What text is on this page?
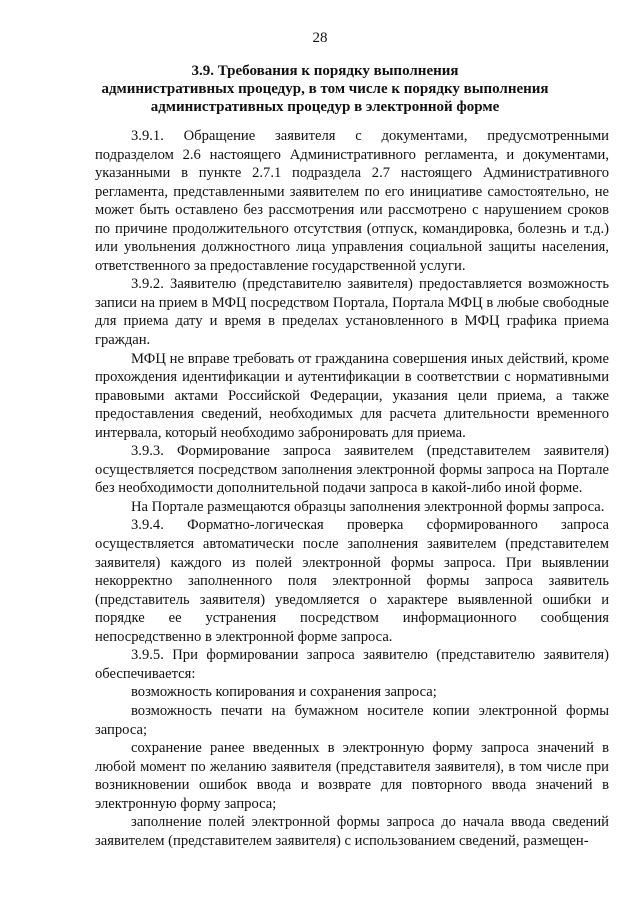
28
3.9. Требования к порядку выполнения
административных процедур, в том числе к порядку выполнения
административных процедур в электронной форме

3.9.1. Обращение заявителя с документами, предусмотренными подразделом 2.6 настоящего Административного регламента, и документами, указанными в пункте 2.7.1 подраздела 2.7 настоящего Административного регламента, представленными заявителем по его инициативе самостоятельно, не может быть оставлено без рассмотрения или рассмотрено с нарушением сроков по причине продолжительного отсутствия (отпуск, командировка, болезнь и т.д.) или увольнения должностного лица управления социальной защиты населения, ответственного за предоставление государственной услуги.

3.9.2. Заявителю (представителю заявителя) предоставляется возможность записи на прием в МФЦ посредством Портала, Портала МФЦ в любые свободные для приема дату и время в пределах установленного в МФЦ графика приема граждан.

МФЦ не вправе требовать от гражданина совершения иных действий, кроме прохождения идентификации и аутентификации в соответствии с нормативными правовыми актами Российской Федерации, указания цели приема, а также предоставления сведений, необходимых для расчета длительности временного интервала, который необходимо забронировать для приема.

3.9.3. Формирование запроса заявителем (представителем заявителя) осуществляется посредством заполнения электронной формы запроса на Портале без необходимости дополнительной подачи запроса в какой-либо иной форме.

На Портале размещаются образцы заполнения электронной формы запроса.

3.9.4. Форматно-логическая проверка сформированного запроса осуществляется автоматически после заполнения заявителем (представителем заявителя) каждого из полей электронной формы запроса. При выявлении некорректно заполненного поля электронной формы запроса заявитель (представитель заявителя) уведомляется о характере выявленной ошибки и порядке ее устранения посредством информационного сообщения непосредственно в электронной форме запроса.

3.9.5. При формировании запроса заявителю (представителю заявителя) обеспечивается:

возможность копирования и сохранения запроса;

возможность печати на бумажном носителе копии электронной формы запроса;

сохранение ранее введенных в электронную форму запроса значений в любой момент по желанию заявителя (представителя заявителя), в том числе при возникновении ошибок ввода и возврате для повторного ввода значений в электронную форму запроса;

заполнение полей электронной формы запроса до начала ввода сведений заявителем (представителем заявителя) с использованием сведений, размещен-
